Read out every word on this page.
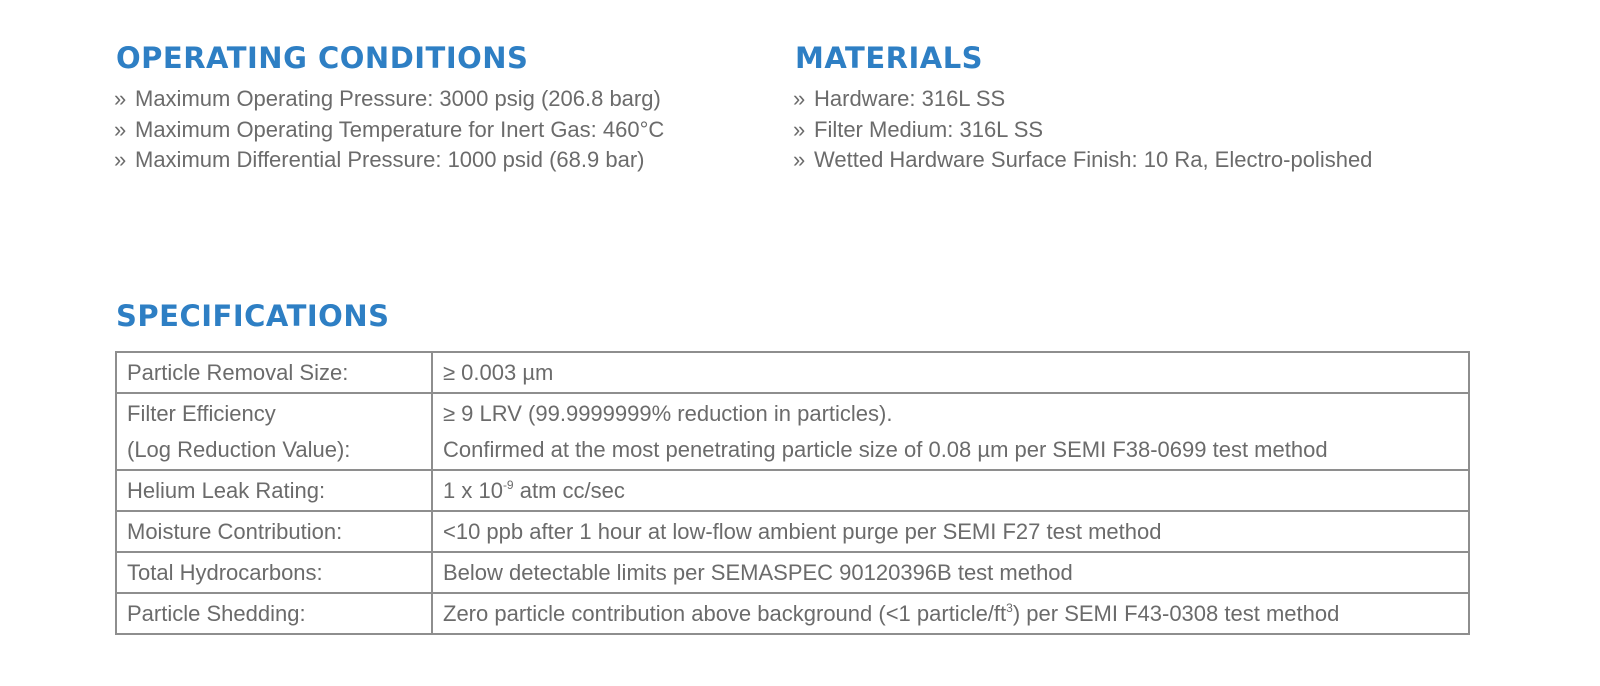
OPERATING CONDITIONS
» Maximum Operating Pressure: 3000 psig (206.8 barg)
» Maximum Operating Temperature for Inert Gas: 460°C
» Maximum Differential Pressure: 1000 psid (68.9 bar)
MATERIALS
» Hardware: 316L SS
» Filter Medium: 316L SS
» Wetted Hardware Surface Finish: 10 Ra, Electro-polished
SPECIFICATIONS
Particle Removal Size:	≥ 0.003 µm

Filter Efficiency
(Log Reduction Value):	≥ 9 LRV (99.9999999% reduction in particles).
Confirmed at the most penetrating particle size of 0.08 µm per SEMI F38-0699 test method

Helium Leak Rating:	1 x $10^{-9}$ atm cc/sec
Moisture Contribution:	<10 ppb after 1 hour at low-flow ambient purge per SEMI F27 test method
Total Hydrocarbons:	Below detectable limits per SEMASPEC 90120396B test method
Particle Shedding:	Zero particle contribution above background (<1 particle/$ft^3$) per SEMI F43-0308 test method
